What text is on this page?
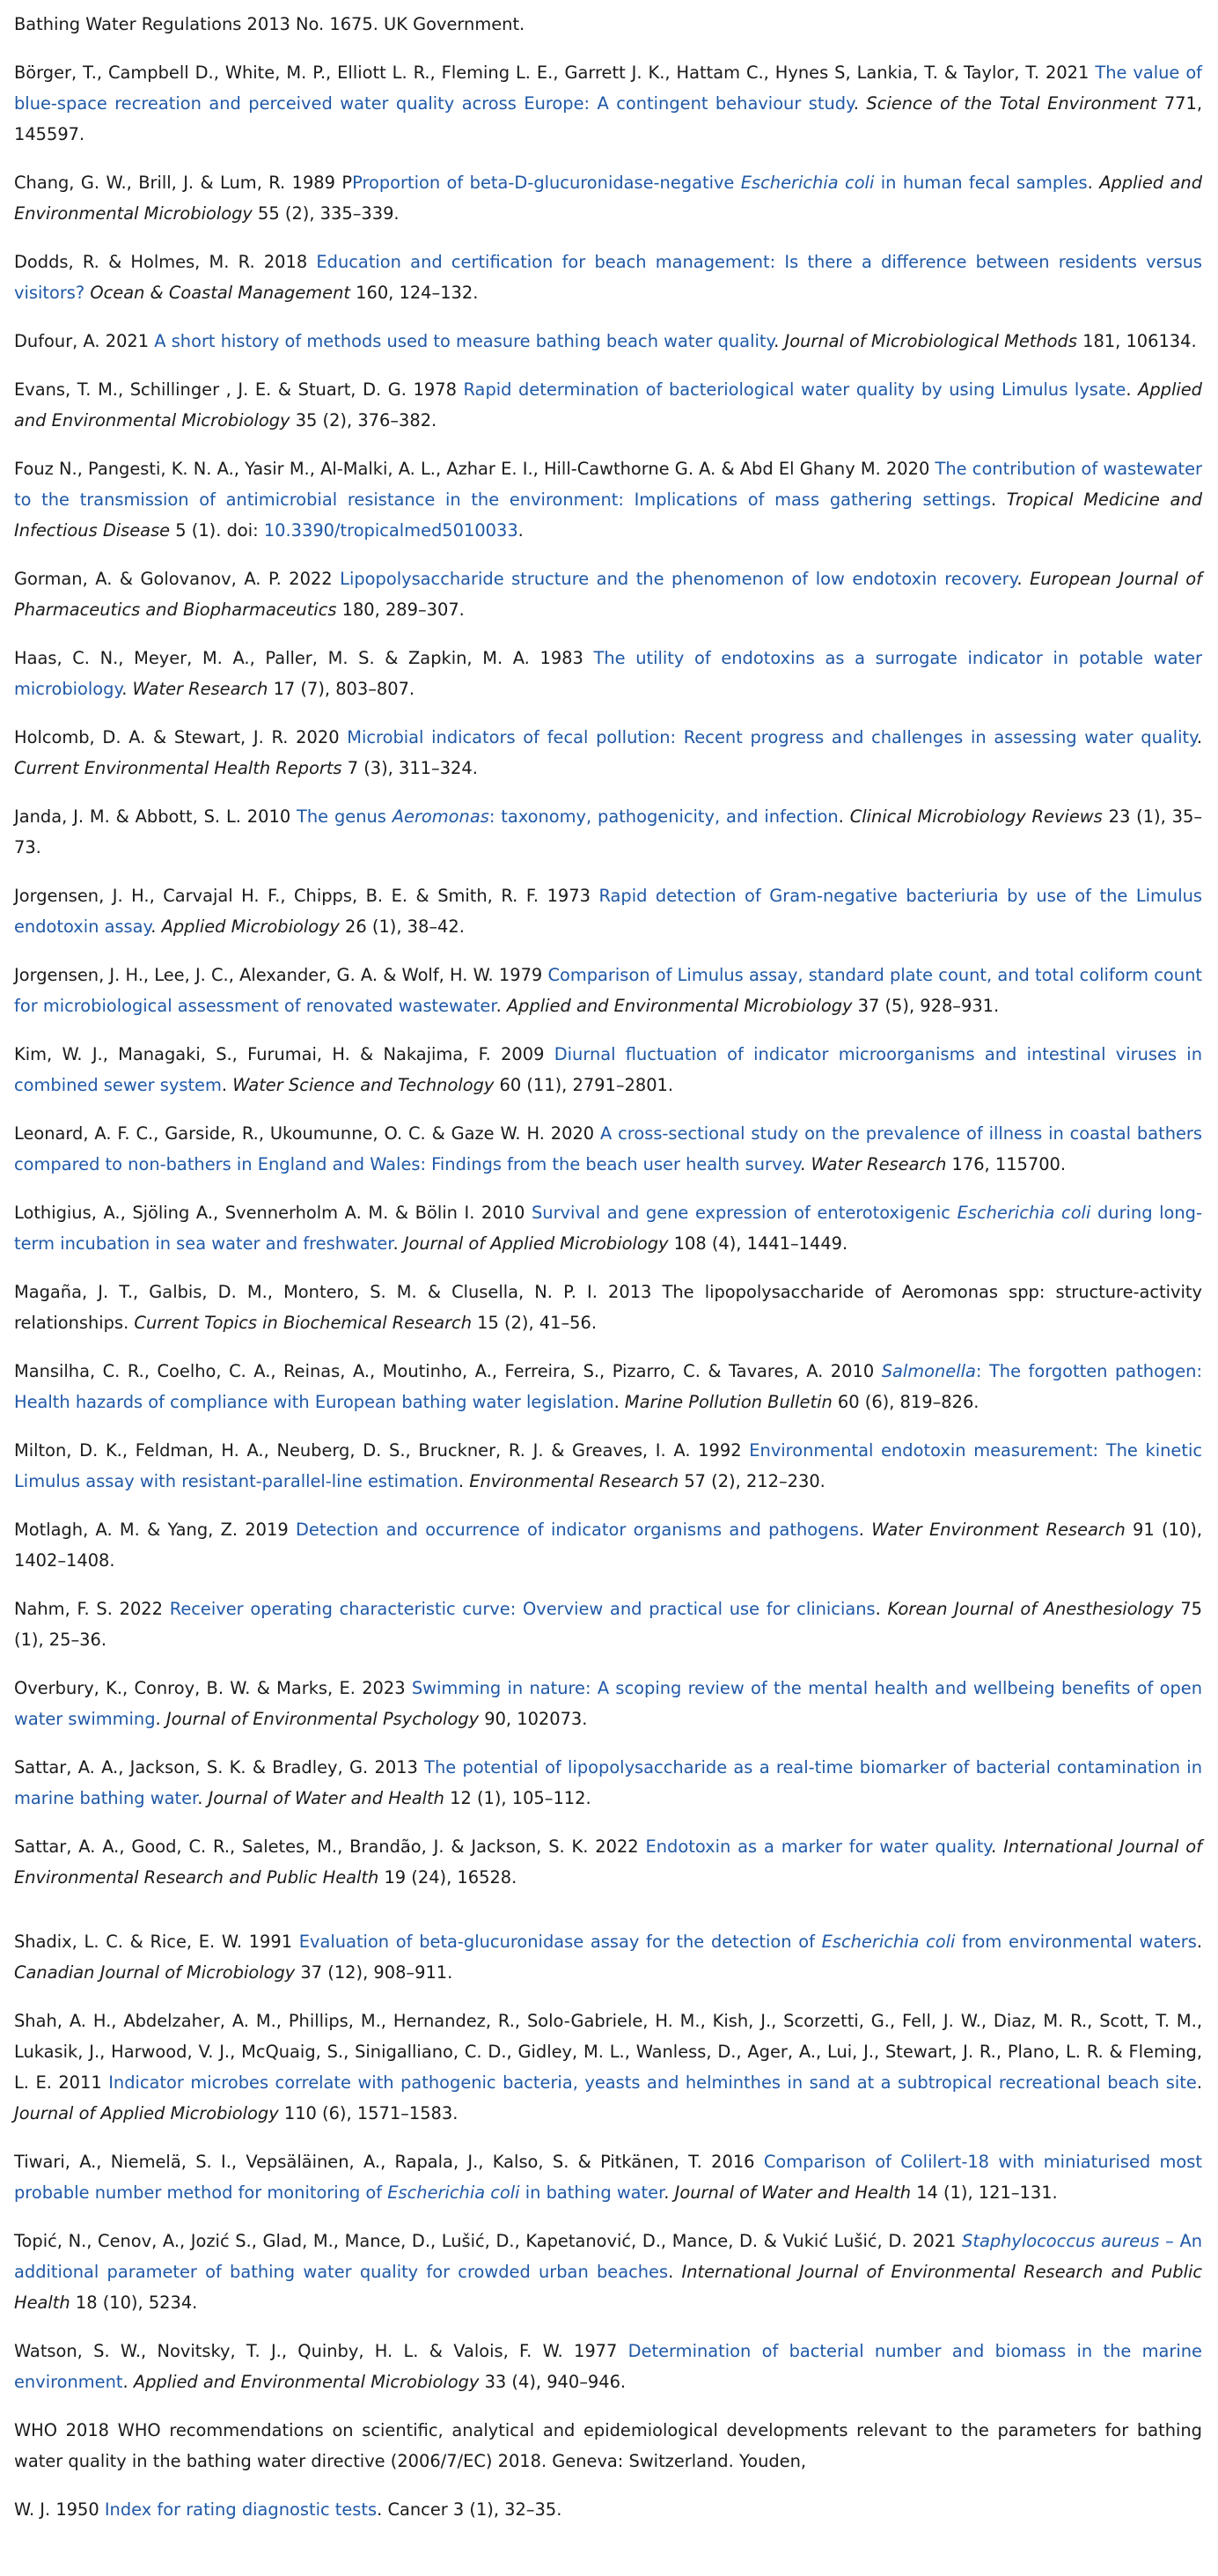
Bathing Water Regulations 2013 No. 1675. UK Government.

Börger, T., Campbell D., White, M. P., Elliott L. R., Fleming L. E., Garrett J. K., Hattam C., Hynes S, Lankia, T. & Taylor, T. 2021 The value of blue-space recreation and perceived water quality across Europe: A contingent behaviour study. Science of the Total Environment 771, 145597.

Chang, G. W., Brill, J. & Lum, R. 1989 PProportion of beta-D-glucuronidase-negative Escherichia coli in human fecal samples. Applied and Environmental Microbiology 55 (2), 335–339.

Dodds, R. & Holmes, M. R. 2018 Education and certification for beach management: Is there a difference between residents versus visitors? Ocean & Coastal Management 160, 124–132.

Dufour, A. 2021 A short history of methods used to measure bathing beach water quality. Journal of Microbiological Methods 181, 106134.

Evans, T. M., Schillinger , J. E. & Stuart, D. G. 1978 Rapid determination of bacteriological water quality by using Limulus lysate. Applied and Environmental Microbiology 35 (2), 376–382.

Fouz N., Pangesti, K. N. A., Yasir M., Al-Malki, A. L., Azhar E. I., Hill-Cawthorne G. A. & Abd El Ghany M. 2020 The contribution of wastewater to the transmission of antimicrobial resistance in the environment: Implications of mass gathering settings. Tropical Medicine and Infectious Disease 5 (1). doi: 10.3390/tropicalmed5010033.

Gorman, A. & Golovanov, A. P. 2022 Lipopolysaccharide structure and the phenomenon of low endotoxin recovery. European Journal of Pharmaceutics and Biopharmaceutics 180, 289–307.

Haas, C. N., Meyer, M. A., Paller, M. S. & Zapkin, M. A. 1983 The utility of endotoxins as a surrogate indicator in potable water microbiology. Water Research 17 (7), 803–807.

Holcomb, D. A. & Stewart, J. R. 2020 Microbial indicators of fecal pollution: Recent progress and challenges in assessing water quality. Current Environmental Health Reports 7 (3), 311–324.

Janda, J. M. & Abbott, S. L. 2010 The genus Aeromonas: taxonomy, pathogenicity, and infection. Clinical Microbiology Reviews 23 (1), 35–73.

Jorgensen, J. H., Carvajal H. F., Chipps, B. E. & Smith, R. F. 1973 Rapid detection of Gram-negative bacteriuria by use of the Limulus endotoxin assay. Applied Microbiology 26 (1), 38–42.

Jorgensen, J. H., Lee, J. C., Alexander, G. A. & Wolf, H. W. 1979 Comparison of Limulus assay, standard plate count, and total coliform count for microbiological assessment of renovated wastewater. Applied and Environmental Microbiology 37 (5), 928–931.

Kim, W. J., Managaki, S., Furumai, H. & Nakajima, F. 2009 Diurnal fluctuation of indicator microorganisms and intestinal viruses in combined sewer system. Water Science and Technology 60 (11), 2791–2801.

Leonard, A. F. C., Garside, R., Ukoumunne, O. C. & Gaze W. H. 2020 A cross-sectional study on the prevalence of illness in coastal bathers compared to non-bathers in England and Wales: Findings from the beach user health survey. Water Research 176, 115700.

Lothigius, A., Sjöling A., Svennerholm A. M. & Bölin I. 2010 Survival and gene expression of enterotoxigenic Escherichia coli during long-term incubation in sea water and freshwater. Journal of Applied Microbiology 108 (4), 1441–1449.

Magaña, J. T., Galbis, D. M., Montero, S. M. & Clusella, N. P. I. 2013 The lipopolysaccharide of Aeromonas spp: structure-activity relationships. Current Topics in Biochemical Research 15 (2), 41–56.

Mansilha, C. R., Coelho, C. A., Reinas, A., Moutinho, A., Ferreira, S., Pizarro, C. & Tavares, A. 2010 Salmonella: The forgotten pathogen: Health hazards of compliance with European bathing water legislation. Marine Pollution Bulletin 60 (6), 819–826.

Milton, D. K., Feldman, H. A., Neuberg, D. S., Bruckner, R. J. & Greaves, I. A. 1992 Environmental endotoxin measurement: The kinetic Limulus assay with resistant-parallel-line estimation. Environmental Research 57 (2), 212–230.

Motlagh, A. M. & Yang, Z. 2019 Detection and occurrence of indicator organisms and pathogens. Water Environment Research 91 (10), 1402–1408.

Nahm, F. S. 2022 Receiver operating characteristic curve: Overview and practical use for clinicians. Korean Journal of Anesthesiology 75 (1), 25–36.

Overbury, K., Conroy, B. W. & Marks, E. 2023 Swimming in nature: A scoping review of the mental health and wellbeing benefits of open water swimming. Journal of Environmental Psychology 90, 102073.

Sattar, A. A., Jackson, S. K. & Bradley, G. 2013 The potential of lipopolysaccharide as a real-time biomarker of bacterial contamination in marine bathing water. Journal of Water and Health 12 (1), 105–112.

Sattar, A. A., Good, C. R., Saletes, M., Brandão, J. & Jackson, S. K. 2022 Endotoxin as a marker for water quality. International Journal of Environmental Research and Public Health 19 (24), 16528.

Shadix, L. C. & Rice, E. W. 1991 Evaluation of beta-glucuronidase assay for the detection of Escherichia coli from environmental waters. Canadian Journal of Microbiology 37 (12), 908–911.

Shah, A. H., Abdelzaher, A. M., Phillips, M., Hernandez, R., Solo-Gabriele, H. M., Kish, J., Scorzetti, G., Fell, J. W., Diaz, M. R., Scott, T. M., Lukasik, J., Harwood, V. J., McQuaig, S., Sinigalliano, C. D., Gidley, M. L., Wanless, D., Ager, A., Lui, J., Stewart, J. R., Plano, L. R. & Fleming, L. E. 2011 Indicator microbes correlate with pathogenic bacteria, yeasts and helminthes in sand at a subtropical recreational beach site. Journal of Applied Microbiology 110 (6), 1571–1583.

Tiwari, A., Niemelä, S. I., Vepsäläinen, A., Rapala, J., Kalso, S. & Pitkänen, T. 2016 Comparison of Colilert-18 with miniaturised most probable number method for monitoring of Escherichia coli in bathing water. Journal of Water and Health 14 (1), 121–131.

Topić, N., Cenov, A., Jozić S., Glad, M., Mance, D., Lušić, D., Kapetanović, D., Mance, D. & Vukić Lušić, D. 2021 Staphylococcus aureus – An additional parameter of bathing water quality for crowded urban beaches. International Journal of Environmental Research and Public Health 18 (10), 5234.

Watson, S. W., Novitsky, T. J., Quinby, H. L. & Valois, F. W. 1977 Determination of bacterial number and biomass in the marine environment. Applied and Environmental Microbiology 33 (4), 940–946.

WHO 2018 WHO recommendations on scientific, analytical and epidemiological developments relevant to the parameters for bathing water quality in the bathing water directive (2006/7/EC) 2018. Geneva: Switzerland. Youden,

W. J. 1950 Index for rating diagnostic tests. Cancer 3 (1), 32–35.
